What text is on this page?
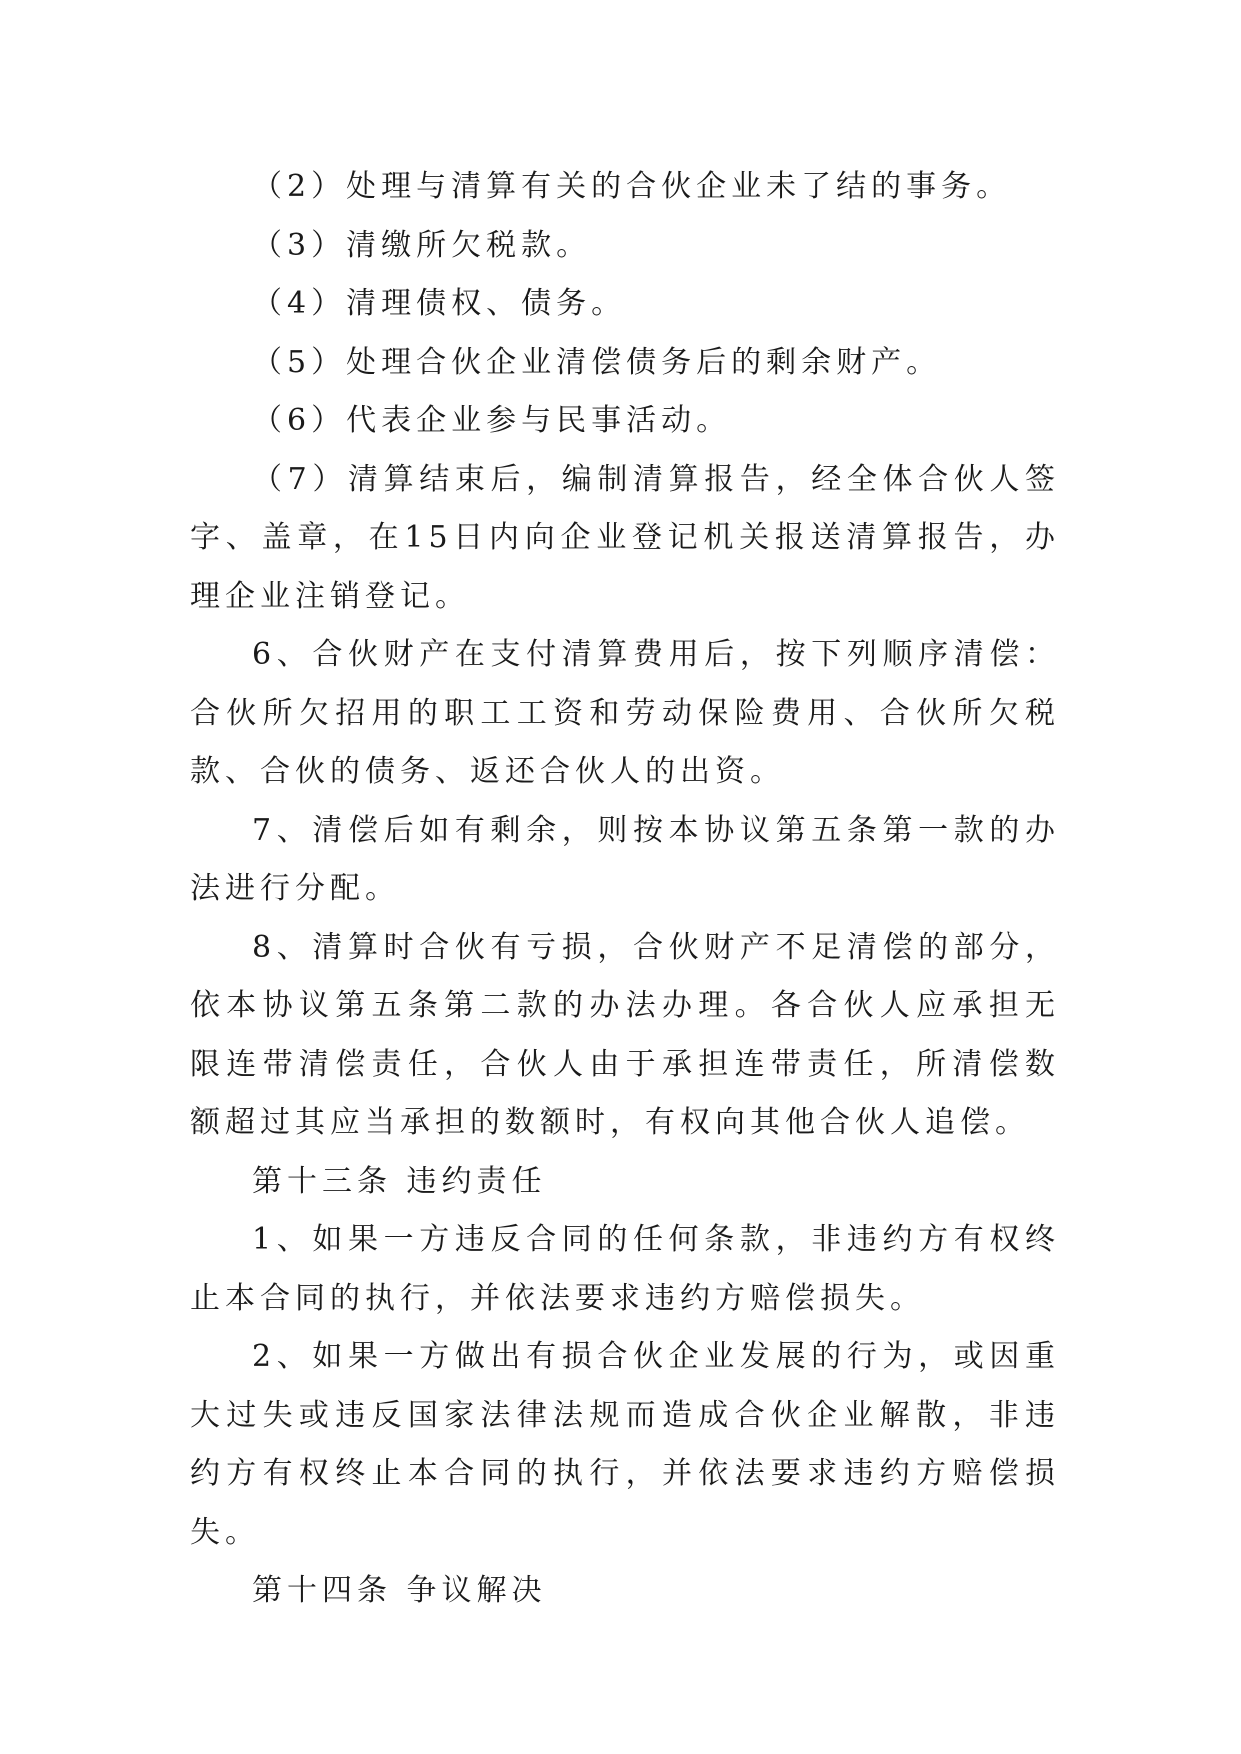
（2）处理与清算有关的合伙企业未了结的事务。

（3）清缴所欠税款。

（4）清理债权、债务。

（5）处理合伙企业清偿债务后的剩余财产。

（6）代表企业参与民事活动。

（7）清算结束后，编制清算报告，经全体合伙人签字、盖章，在15日内向企业登记机关报送清算报告，办理企业注销登记。

6、合伙财产在支付清算费用后，按下列顺序清偿：合伙所欠招用的职工工资和劳动保险费用、合伙所欠税款、合伙的债务、返还合伙人的出资。

7、清偿后如有剩余，则按本协议第五条第一款的办法进行分配。

8、清算时合伙有亏损，合伙财产不足清偿的部分，依本协议第五条第二款的办法办理。各合伙人应承担无限连带清偿责任，合伙人由于承担连带责任，所清偿数额超过其应当承担的数额时，有权向其他合伙人追偿。

第十三条 违约责任

1、如果一方违反合同的任何条款，非违约方有权终止本合同的执行，并依法要求违约方赔偿损失。

2、如果一方做出有损合伙企业发展的行为，或因重大过失或违反国家法律法规而造成合伙企业解散，非违约方有权终止本合同的执行，并依法要求违约方赔偿损失。

第十四条 争议解决
